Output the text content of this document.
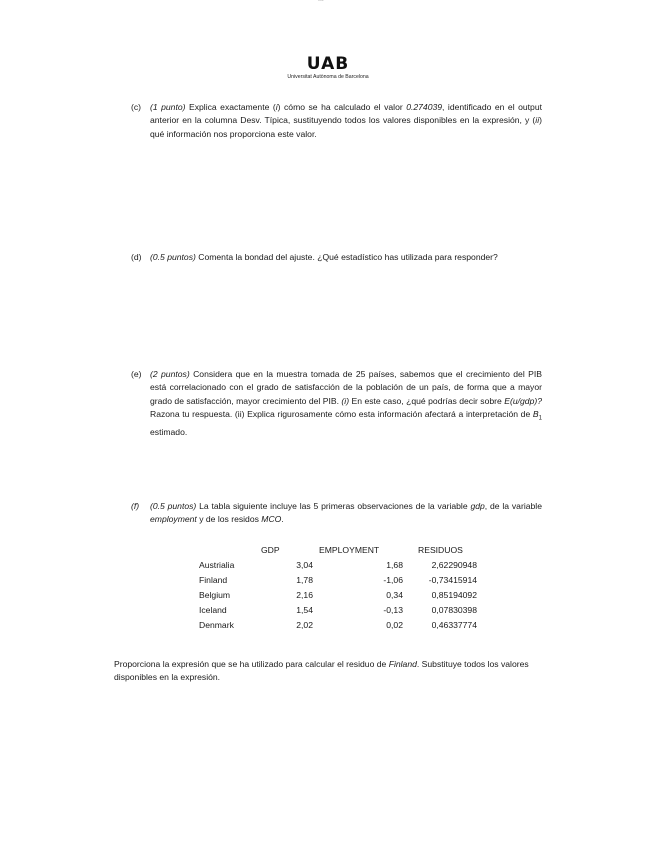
UAB
Universitat Autònoma de Barcelona
(c) (1 punto) Explica exactamente (i) cómo se ha calculado el valor 0.274039, identificado en el output anterior en la columna Desv. Típica, sustituyendo todos los valores disponibles en la expresión, y (ii) qué información nos proporciona este valor.
(d) (0.5 puntos) Comenta la bondad del ajuste. ¿Qué estadístico has utilizada para responder?
(e) (2 puntos) Considera que en la muestra tomada de 25 países, sabemos que el crecimiento del PIB está correlacionado con el grado de satisfacción de la población de un país, de forma que a mayor grado de satisfacción, mayor crecimiento del PIB. (i) En este caso, ¿qué podrías decir sobre E(u/gdp)? Razona tu respuesta. (ii) Explica rigurosamente cómo esta información afectará a interpretación de $B_1$ estimado.
(f) (0.5 puntos) La tabla siguiente incluye las 5 primeras observaciones de la variable gdp, de la variable employment y de los residos MCO.
	GDP	EMPLOYMENT	RESIDUOS
Austrialia	3,04	1,68	2,62290948
Finland	1,78	-1,06	-0,73415914
Belgium	2,16	0,34	0,85194092
Iceland	1,54	-0,13	0,07830398
Denmark	2,02	0,02	0,46337774
Proporciona la expresión que se ha utilizado para calcular el residuo de Finland. Substituye todos los valores disponibles en la expresión.
